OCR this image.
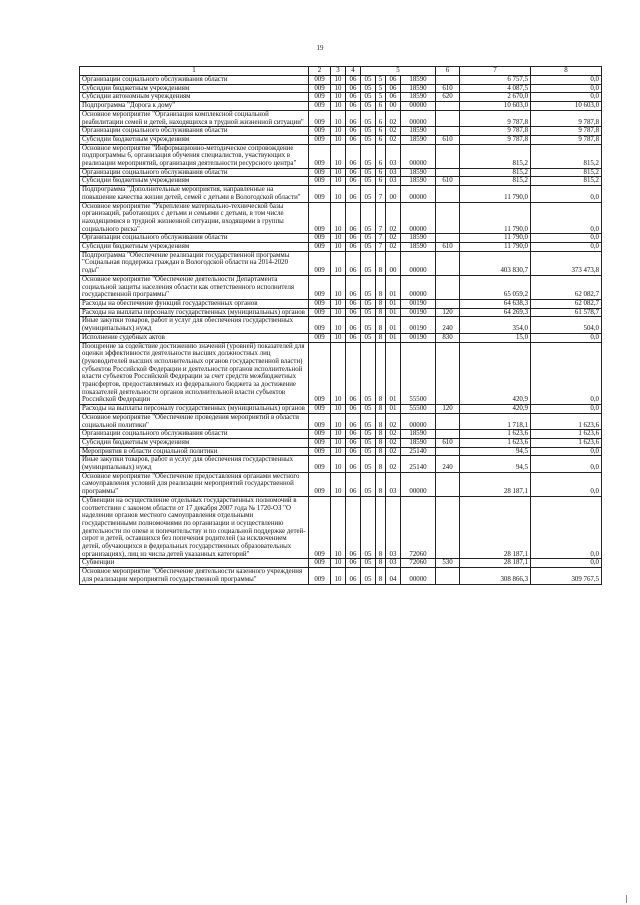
19
1	2	3	4	5				6	7	8
Организации социального обслуживания области	009	10	06	05	5	06	18590		6 757,5	0,0
Субсидии бюджетным учреждениям	009	10	06	05	5	06	18590	610	4 087,5	0,0
Субсидии автономным учреждениям	009	10	06	05	5	06	18590	620	2 670,0	0,0
Подпрограмма "Дорога к дому"	009	10	06	05	6	00	00000		10 603,0	10 603,0
Основное мероприятие "Организация комплексной социальной реабилитации семей и детей, находящихся в трудной жизненной ситуации"	009	10	06	05	6	02	00000		9 787,8	9 787,8
Организации социального обслуживания области	009	10	06	05	6	02	18590		9 787,8	9 787,8
Субсидии бюджетным учреждениям	009	10	06	05	6	02	18590	610	9 787,8	9 787,8
Основное мероприятие "Информационно-методическое сопровождение подпрограммы 6, организация обучения специалистов, участвующих в реализации мероприятий, организация деятельности ресурсного центра"	009	10	06	05	6	03	00000		815,2	815,2
Организации социального обслуживания области	009	10	06	05	6	03	18590		815,2	815,2
Субсидии бюджетным учреждениям	009	10	06	05	6	03	18590	610	815,2	815,2
Подпрограмма "Дополнительные мероприятия, направленные на повышение качества жизни детей, семей с детьми в Вологодской области"	009	10	06	05	7	00	00000		11 790,0	0,0
Основное мероприятие "Укрепление материально-технической базы организаций, работающих с детьми и семьями с детьми, в том числе находящимися в трудной жизненной ситуации, входящими в группы социального риска"	009	10	06	05	7	02	00000		11 790,0	0,0
Организации социального обслуживания области	009	10	06	05	7	02	18590		11 790,0	0,0
Субсидии бюджетным учреждениям	009	10	06	05	7	02	18590	610	11 790,0	0,0
Подпрограмма "Обеспечение реализации государственной программы "Социальная поддержка граждан в Вологодской области на 2014-2020 годы"	009	10	06	05	8	00	00000		403 830,7	373 473,8
Основное мероприятие "Обеспечение деятельности Департамента социальной защиты населения области как ответственного исполнителя государственной программы"	009	10	06	05	8	01	00000		65 059,2	62 082,7
Расходы на обеспечение функций государственных органов	009	10	06	05	8	01	00190		64 638,3	62 082,7
Расходы на выплаты персоналу государственных (муниципальных) органов	009	10	06	05	8	01	00190	120	64 269,3	61 578,7
Иные закупки товаров, работ и услуг для обеспечения государственных (муниципальных) нужд	009	10	06	05	8	01	00190	240	354,0	504,0
Исполнение судебных актов	009	10	06	05	8	01	00190	830	15,0	0,0
Поощрение за содействие достижению значений (уровней) показателей для оценки эффективности деятельности высших должностных лиц (руководителей высших исполнительных органов государственной власти) субъектов Российской Федерации и деятельности органов исполнительной власти субъектов Российской Федерации за счет средств межбюджетных трансфертов, предоставляемых из федерального бюджета за достижение показателей деятельности органов исполнительной власти субъектов Российской Федерации	009	10	06	05	8	01	55500		420,9	0,0
Расходы на выплаты персоналу государственных (муниципальных) органов	009	10	06	05	8	01	55500	120	420,9	0,0
Основное мероприятие "Обеспечение проведения мероприятий в области социальной политики"	009	10	06	05	8	02	00000		1 718,1	1 623,6
Организации социального обслуживания области	009	10	06	05	8	02	18590		1 623,6	1 623,6
Субсидии бюджетным учреждениям	009	10	06	05	8	02	18590	610	1 623,6	1 623,6
Мероприятия в области социальной политики	009	10	06	05	8	02	25140		94,5	0,0
Иные закупки товаров, работ и услуг для обеспечения государственных (муниципальных) нужд	009	10	06	05	8	02	25140	240	94,5	0,0
Основное мероприятие "Обеспечение предоставления органами местного самоуправления условий для реализации мероприятий государственной программы"	009	10	06	05	8	03	00000		28 187,1	0,0
Субвенции на осуществление отдельных государственных полномочий в соответствии с законом области от 17 декабря 2007 года № 1720-ОЗ "О наделении органов местного самоуправления отдельными государственными полномочиями по организации и осуществлению деятельности по опеке и попечительству и по социальной поддержке детей-сирот и детей, оставшихся без попечения родителей (за исключением детей, обучающихся в федеральных государственных образовательных организациях), лиц из числа детей указанных категорий"	009	10	06	05	8	03	72060		28 187,1	0,0
Субвенции	009	10	06	05	8	03	72060	530	28 187,1	0,0
Основное мероприятие "Обеспечение деятельности казенного учреждения для реализации мероприятий государственной программы"	009	10	06	05	8	04	00000		308 866,3	309 767,5
